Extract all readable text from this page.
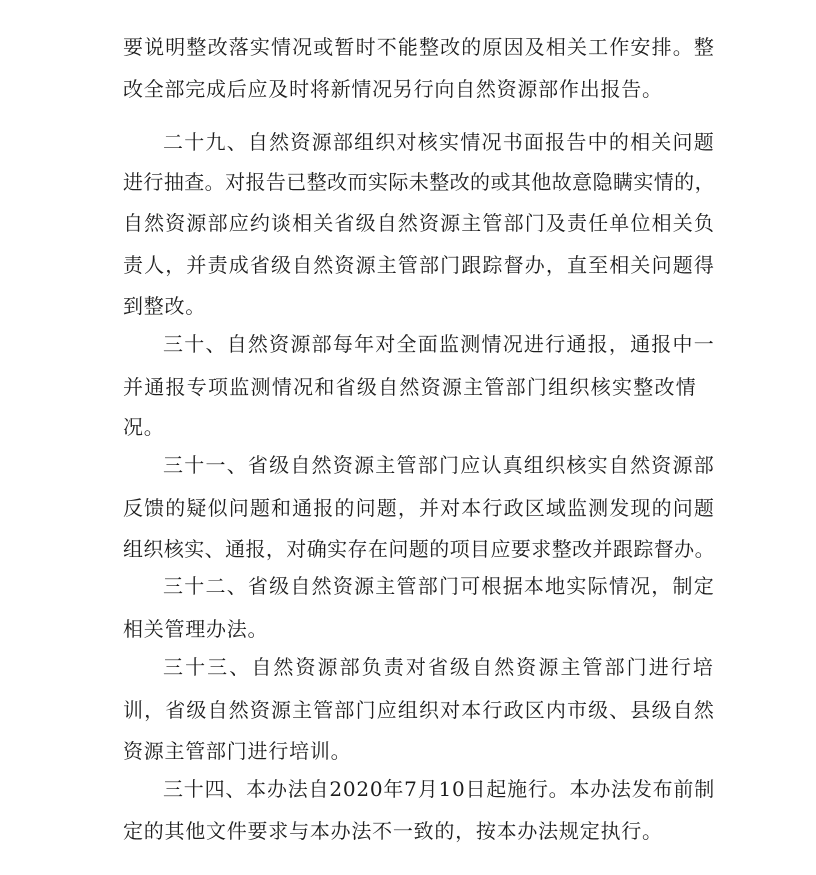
要说明整改落实情况或暂时不能整改的原因及相关工作安排。整
改全部完成后应及时将新情况另行向自然资源部作出报告。
二十九、自然资源部组织对核实情况书面报告中的相关问题
进行抽查。对报告已整改而实际未整改的或其他故意隐瞒实情的，
自然资源部应约谈相关省级自然资源主管部门及责任单位相关负
责人，并责成省级自然资源主管部门跟踪督办，直至相关问题得
到整改。
三十、自然资源部每年对全面监测情况进行通报，通报中一
并通报专项监测情况和省级自然资源主管部门组织核实整改情
况。
三十一、省级自然资源主管部门应认真组织核实自然资源部
反馈的疑似问题和通报的问题，并对本行政区域监测发现的问题
组织核实、通报，对确实存在问题的项目应要求整改并跟踪督办。
三十二、省级自然资源主管部门可根据本地实际情况，制定
相关管理办法。
三十三、自然资源部负责对省级自然资源主管部门进行培
训，省级自然资源主管部门应组织对本行政区内市级、县级自然
资源主管部门进行培训。
三十四、本办法自2020年7月10日起施行。本办法发布前制
定的其他文件要求与本办法不一致的，按本办法规定执行。
